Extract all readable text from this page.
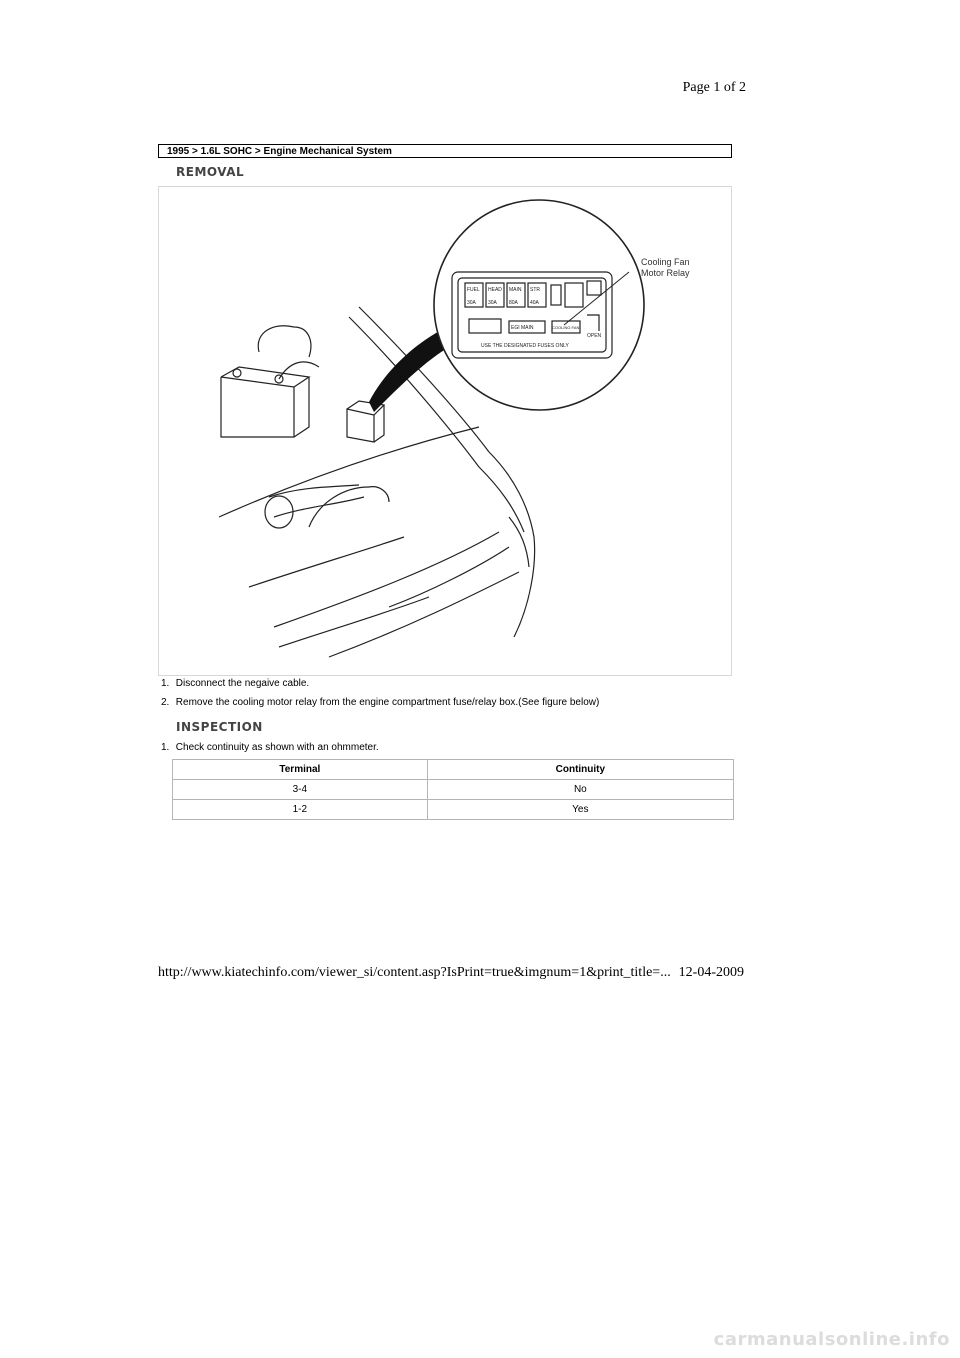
Page 1 of 2
1995 > 1.6L SOHC > Engine Mechanical System
REMOVAL
FUEL HEAD MAIN STR
30A 30A 80A 40A
EGI MAIN	COOLING FAN
OPEN
USE THE DESIGNATED FUSES ONLY
Cooling Fan
Motor Relay
1. Disconnect the negaive cable.
2. Remove the cooling motor relay from the engine compartment fuse/relay box.(See figure below)
INSPECTION
1. Check continuity as shown with an ohmmeter.
Terminal	Continuity
3-4	No
1-2	Yes
http://www.kiatechinfo.com/viewer_si/content.asp?IsPrint=true&imgnum=1&print_title=... 12-04-2009
carmanualsonline.info
